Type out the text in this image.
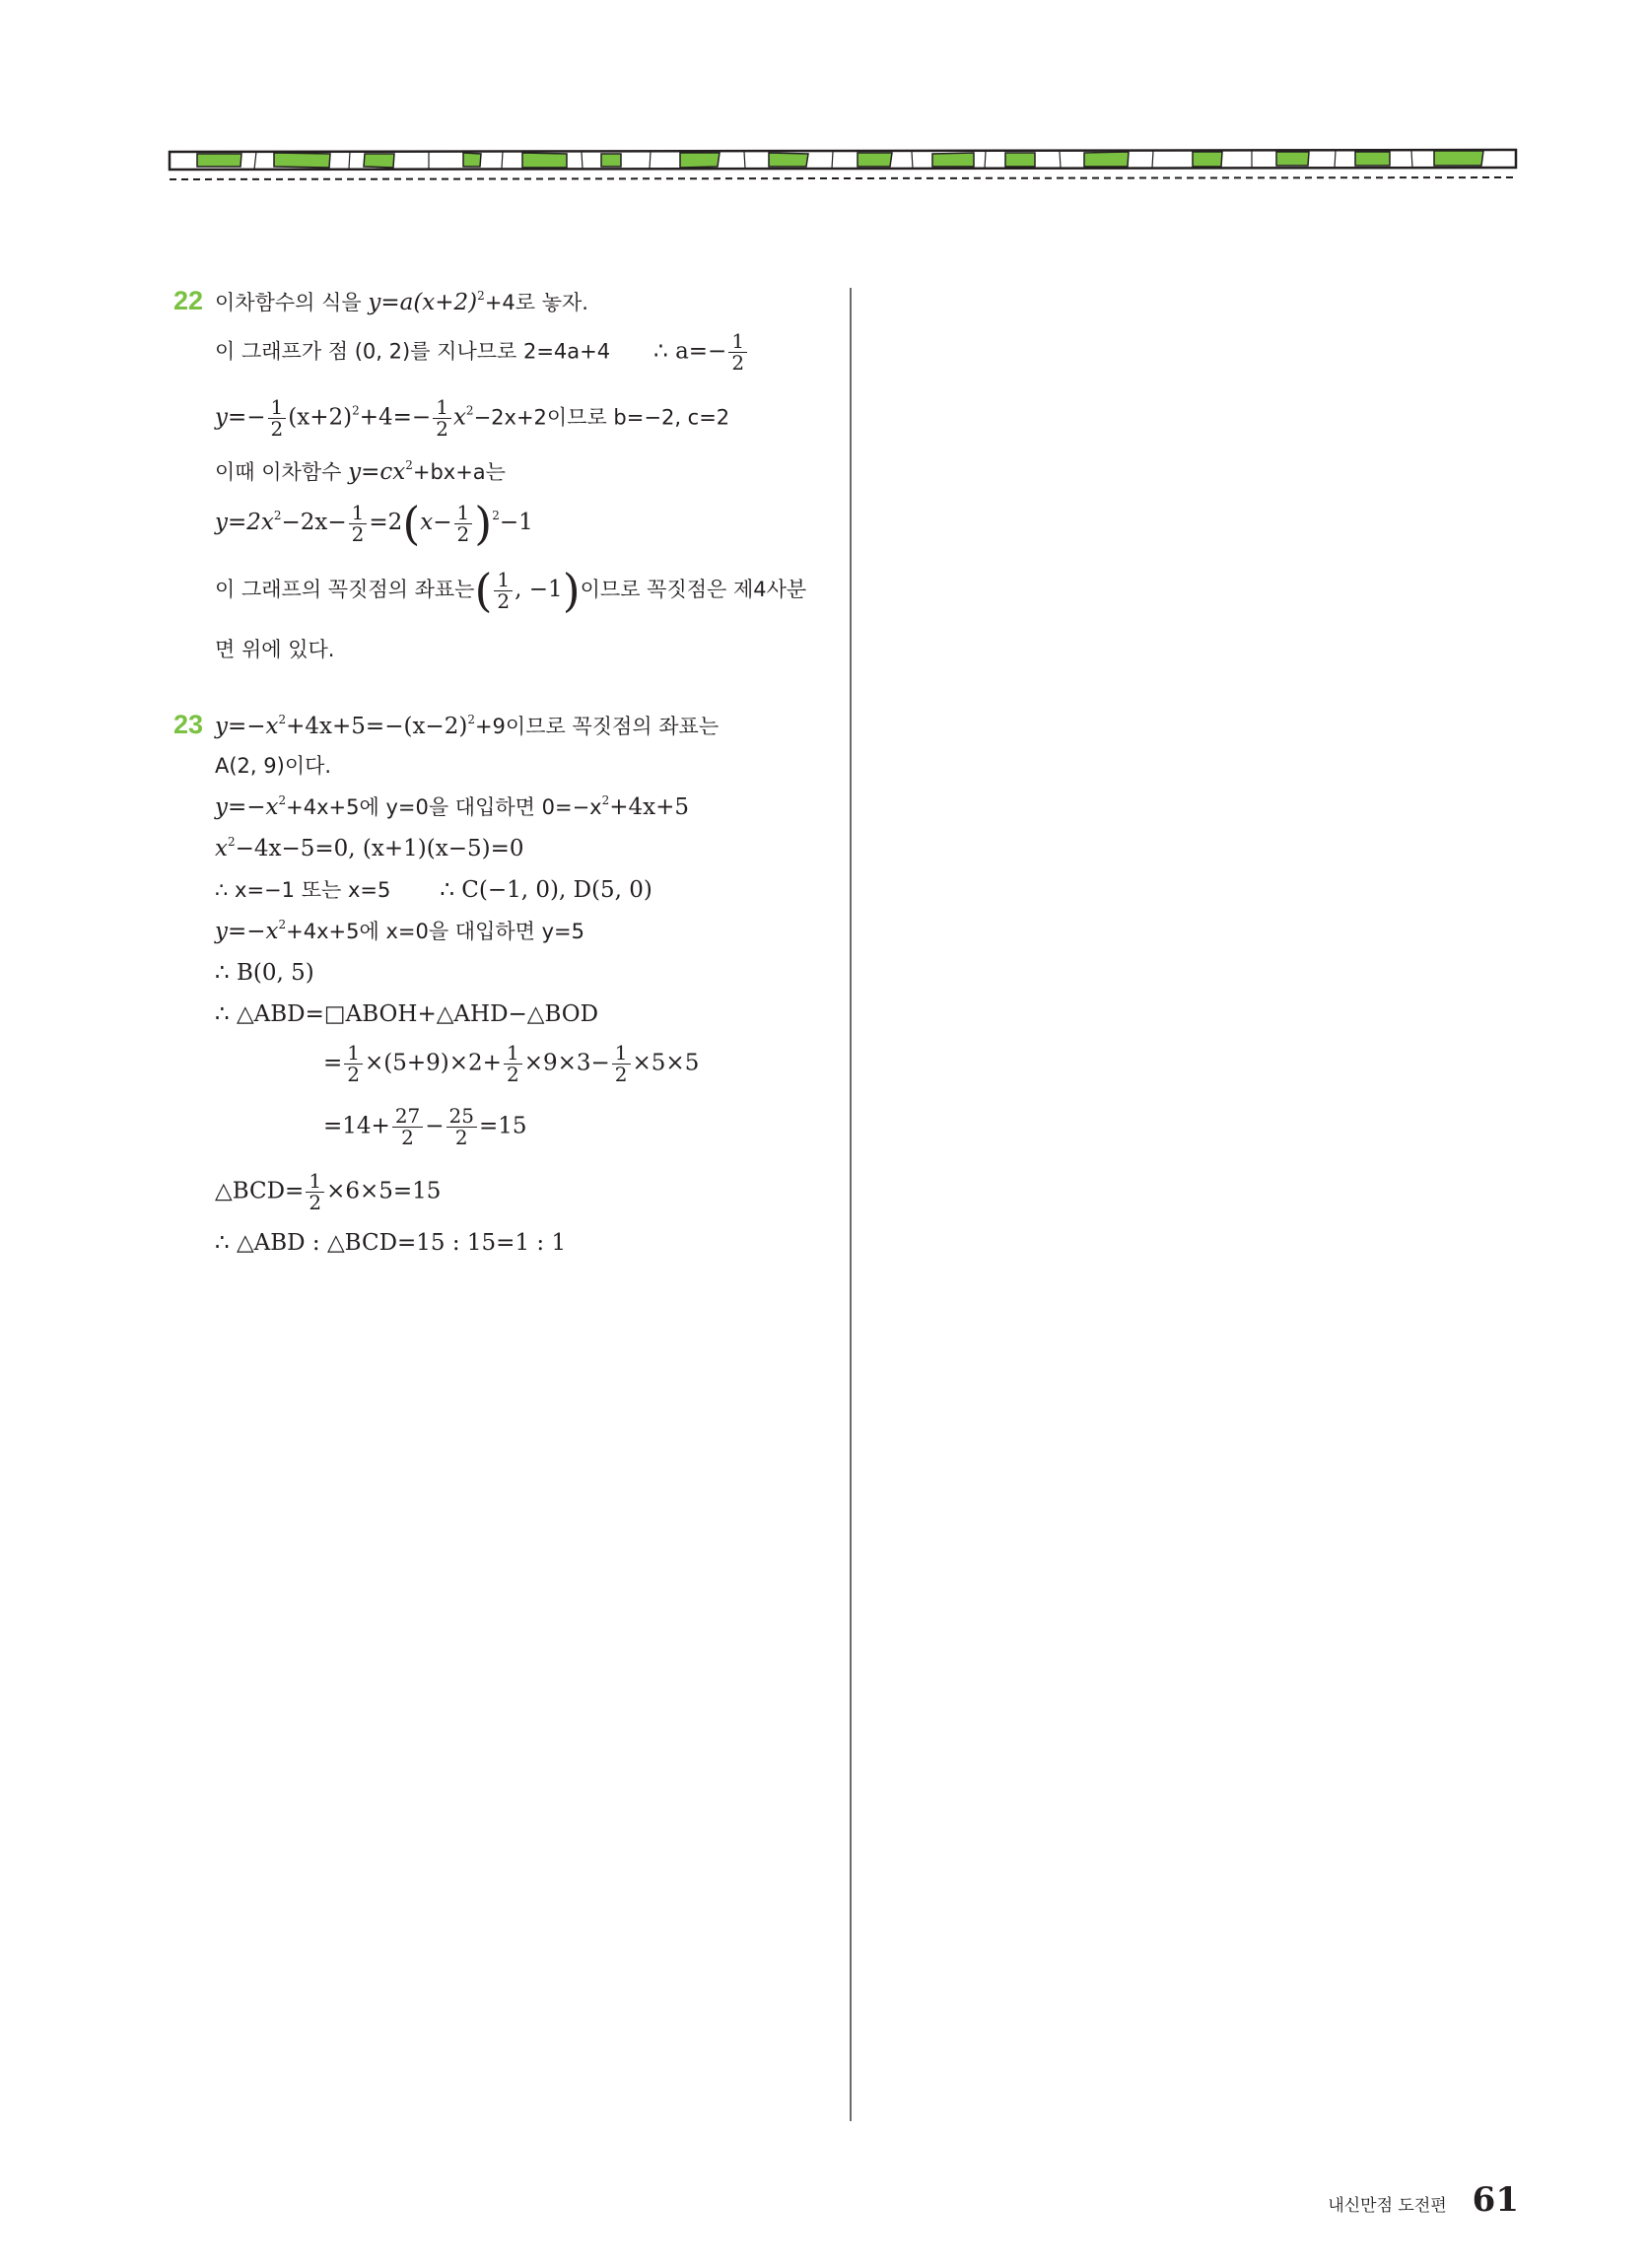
22 이차함수의 식을 $y=a(x+2)^2+4$로 놓자.
이 그래프가 점 (0, 2)를 지나므로 2=4a+4 ∴ $a=- \frac{1}{2}$
$y=- \frac{1}{2} (x+2)^2+4=- \frac{1}{2} x^2-2x+2$이므로 b=−2, c=2
이때 이차함수 $y=cx^2+bx+a$는
$y=2x^2-2x- \frac{1}{2} =2(x- \frac{1}{2} )^2-1$
이 그래프의 꼭짓점의 좌표는( $\frac{1}{2}$ , −1)이므로 꼭짓점은 제4사분
면 위에 있다.
23 $y=-x^2+4x+5=-(x-2)^2+9$이므로 꼭짓점의 좌표는
A(2, 9)이다.
$y=-x^2+4x+5$에 y=0을 대입하면 $0=-x^2+4x+5$
$x^2-4x-5=0$, (x+1)(x−5)=0
∴ x=−1 또는 x=5 ∴ C(−1, 0), D(5, 0)
$y=-x^2+4x+5$에 x=0을 대입하면 y=5
∴ B(0, 5)
∴ △ABD=□ABOH+△AHD−△BOD
= $\frac{1}{2} \times(5+9)\times 2+ \frac{1}{2} \times 9\times 3- \frac{1}{2} \times 5\times 5$
$=14+ \frac{27}{2} - \frac{25}{2} =15$
△BCD= $\frac{1}{2} \times 6\times 5=15$
∴ △ABD : △BCD=15 : 15=1 : 1
내신만점 도전편 61
